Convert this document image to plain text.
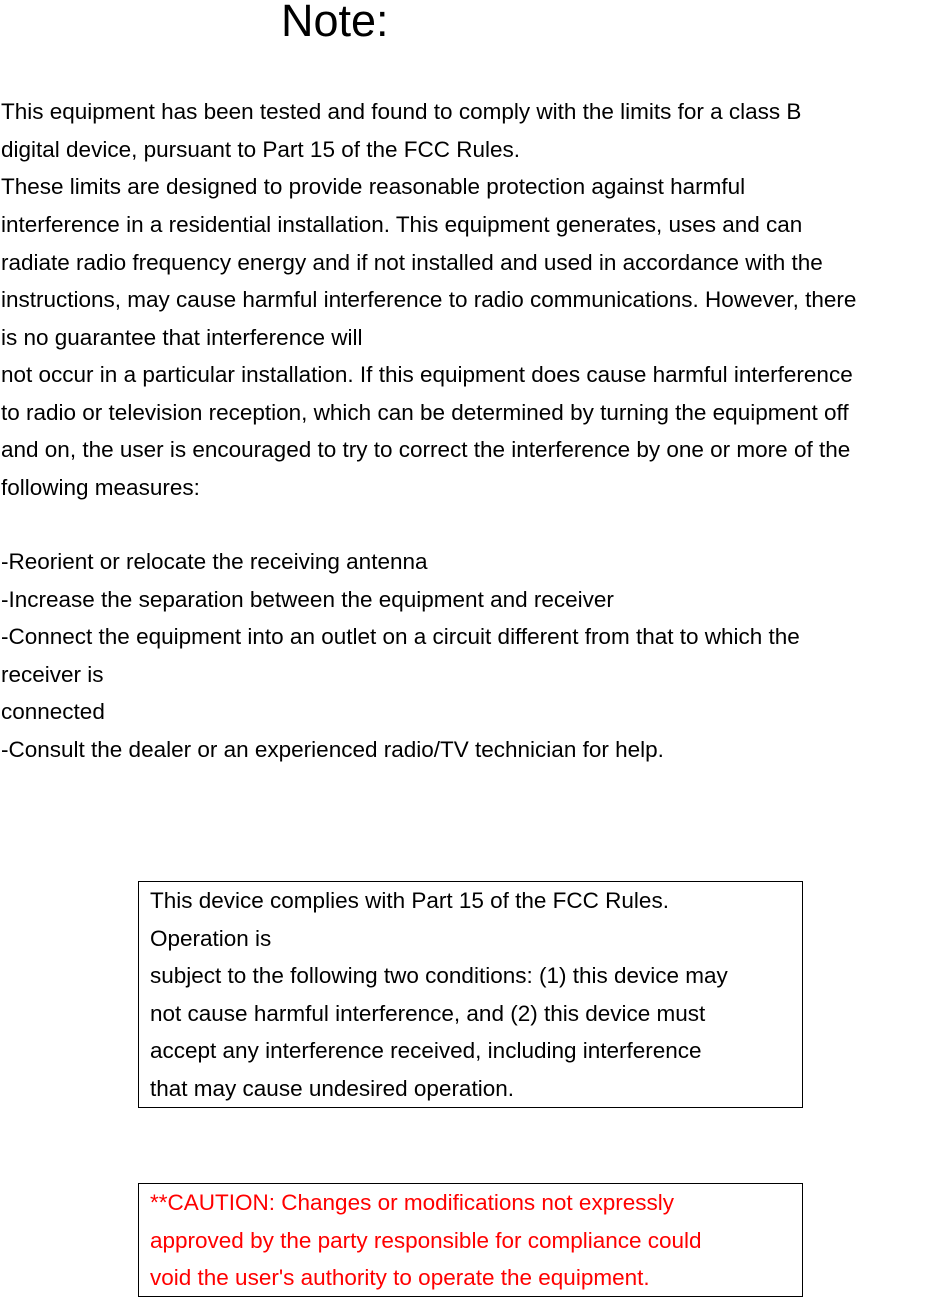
Note:
This equipment has been tested and found to comply with the limits for a class B
digital device, pursuant to Part 15 of the FCC Rules.
These limits are designed to provide reasonable protection against harmful
interference in a residential installation. This equipment generates, uses and can
radiate radio frequency energy and if not installed and used in accordance with the
instructions, may cause harmful interference to radio communications. However, there
is no guarantee that interference will
not occur in a particular installation. If this equipment does cause harmful interference
to radio or television reception, which can be determined by turning the equipment off
and on, the user is encouraged to try to correct the interference by one or more of the
following measures:
-Reorient or relocate the receiving antenna
-Increase the separation between the equipment and receiver
-Connect the equipment into an outlet on a circuit different from that to which the
receiver is
connected
-Consult the dealer or an experienced radio/TV technician for help.
This device complies with Part 15 of the FCC Rules.
Operation is
subject to the following two conditions: (1) this device may
not cause harmful interference, and (2) this device must
accept any interference received, including interference
that may cause undesired operation.
**CAUTION: Changes or modifications not expressly
approved by the party responsible for compliance could
void the user's authority to operate the equipment.
